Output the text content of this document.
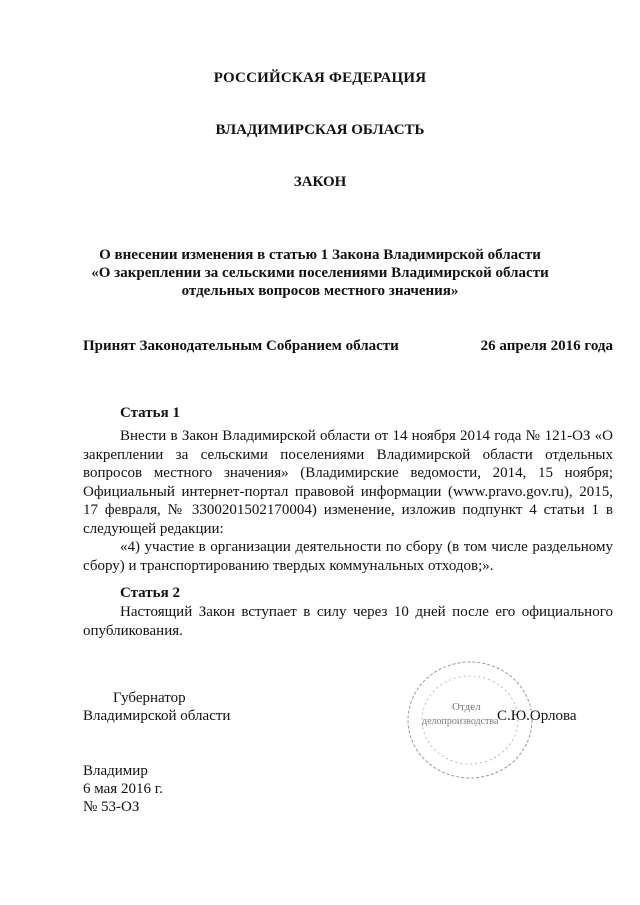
РОССИЙСКАЯ ФЕДЕРАЦИЯ
ВЛАДИМИРСКАЯ ОБЛАСТЬ
ЗАКОН
О внесении изменения в статью 1 Закона Владимирской области
«О закреплении за сельскими поселениями Владимирской области
отдельных вопросов местного значения»
Принят Законодательным Собранием области	26 апреля 2016 года
Статья 1
Внести в Закон Владимирской области от 14 ноября 2014 года № 121-ОЗ «О закреплении за сельскими поселениями Владимирской области отдельных вопросов местного значения» (Владимирские ведомости, 2014, 15 ноября; Официальный интернет-портал правовой информации (www.pravo.gov.ru), 2015, 17 февраля, № 3300201502170004) изменение, изложив подпункт 4 статьи 1 в следующей редакции:
«4) участие в организации деятельности по сбору (в том числе раздельному сбору) и транспортированию твердых коммунальных отходов;».
Статья 2
Настоящий Закон вступает в силу через 10 дней после его официального опубликования.
Губернатор
Владимирской области	С.Ю.Орлова
Отдел
делопроизводства
Владимир
6 мая 2016 г.
№ 53-ОЗ
